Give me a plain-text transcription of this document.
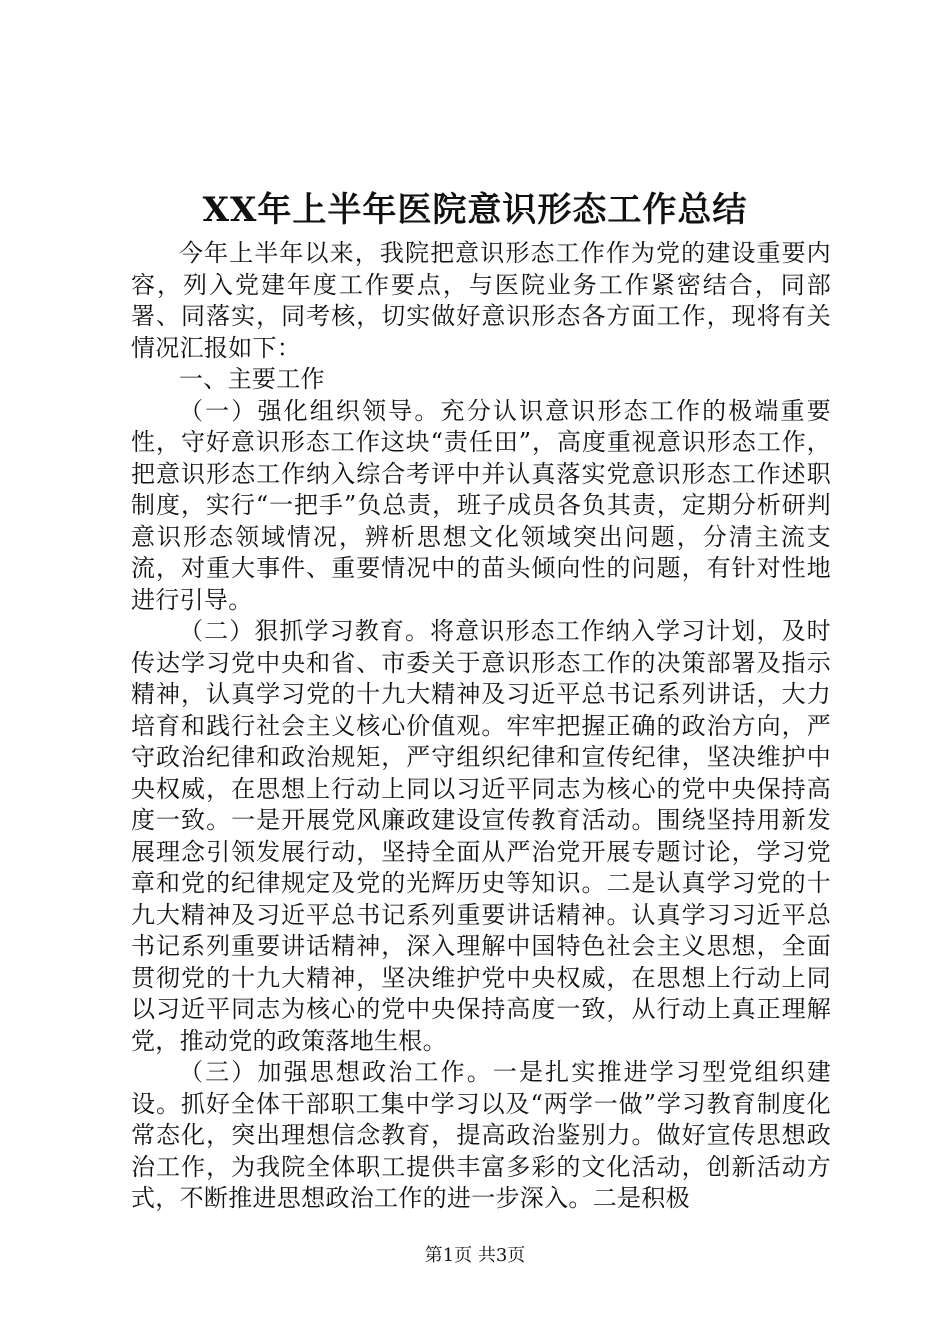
XX年上半年医院意识形态工作总结

今年上半年以来，我院把意识形态工作作为党的建设重要内容，列入党建年度工作要点，与医院业务工作紧密结合，同部署、同落实，同考核，切实做好意识形态各方面工作，现将有关情况汇报如下：

一、主要工作

（一）强化组织领导。充分认识意识形态工作的极端重要性，守好意识形态工作这块“责任田”，高度重视意识形态工作，把意识形态工作纳入综合考评中并认真落实党意识形态工作述职制度，实行“一把手”负总责，班子成员各负其责，定期分析研判意识形态领域情况，辨析思想文化领域突出问题，分清主流支流，对重大事件、重要情况中的苗头倾向性的问题，有针对性地进行引导。

（二）狠抓学习教育。将意识形态工作纳入学习计划，及时传达学习党中央和省、市委关于意识形态工作的决策部署及指示精神，认真学习党的十九大精神及习近平总书记系列讲话，大力培育和践行社会主义核心价值观。牢牢把握正确的政治方向，严守政治纪律和政治规矩，严守组织纪律和宣传纪律，坚决维护中央权威，在思想上行动上同以习近平同志为核心的党中央保持高度一致。一是开展党风廉政建设宣传教育活动。围绕坚持用新发展理念引领发展行动，坚持全面从严治党开展专题讨论，学习党章和党的纪律规定及党的光辉历史等知识。二是认真学习党的十九大精神及习近平总书记系列重要讲话精神。认真学习习近平总书记系列重要讲话精神，深入理解中国特色社会主义思想，全面贯彻党的十九大精神，坚决维护党中央权威，在思想上行动上同以习近平同志为核心的党中央保持高度一致，从行动上真正理解党，推动党的政策落地生根。

（三）加强思想政治工作。一是扎实推进学习型党组织建设。抓好全体干部职工集中学习以及“两学一做”学习教育制度化常态化，突出理想信念教育，提高政治鉴别力。做好宣传思想政治工作，为我院全体职工提供丰富多彩的文化活动，创新活动方式，不断推进思想政治工作的进一步深入。二是积极

第1页 共3页
